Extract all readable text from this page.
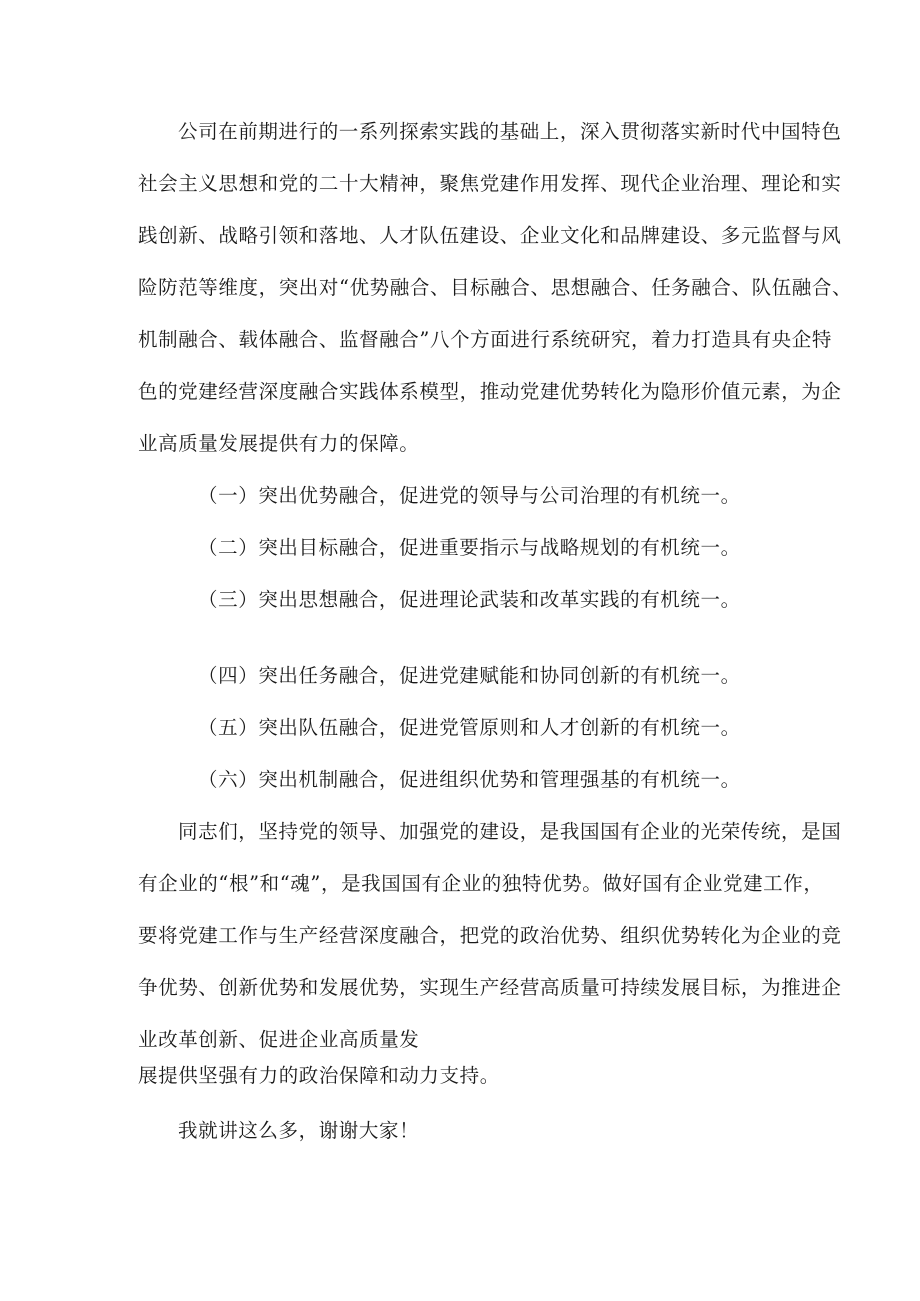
公司在前期进行的一系列探索实践的基础上，深入贯彻落实新时代中国特色
社会主义思想和党的二十大精神，聚焦党建作用发挥、现代企业治理、理论和实
践创新、战略引领和落地、人才队伍建设、企业文化和品牌建设、多元监督与风
险防范等维度，突出对“优势融合、目标融合、思想融合、任务融合、队伍融合、
机制融合、载体融合、监督融合”八个方面进行系统研究，着力打造具有央企特
色的党建经营深度融合实践体系模型，推动党建优势转化为隐形价值元素，为企
业高质量发展提供有力的保障。
（一）突出优势融合，促进党的领导与公司治理的有机统一。
（二）突出目标融合，促进重要指示与战略规划的有机统一。
（三）突出思想融合，促进理论武装和改革实践的有机统一。
（四）突出任务融合，促进党建赋能和协同创新的有机统一。
（五）突出队伍融合，促进党管原则和人才创新的有机统一。
（六）突出机制融合，促进组织优势和管理强基的有机统一。
同志们，坚持党的领导、加强党的建设，是我国国有企业的光荣传统，是国
有企业的“根”和“魂”，是我国国有企业的独特优势。做好国有企业党建工作，
要将党建工作与生产经营深度融合，把党的政治优势、组织优势转化为企业的竞
争优势、创新优势和发展优势，实现生产经营高质量可持续发展目标，为推进企
业改革创新、促进企业高质量发
展提供坚强有力的政治保障和动力支持。
我就讲这么多，谢谢大家！
